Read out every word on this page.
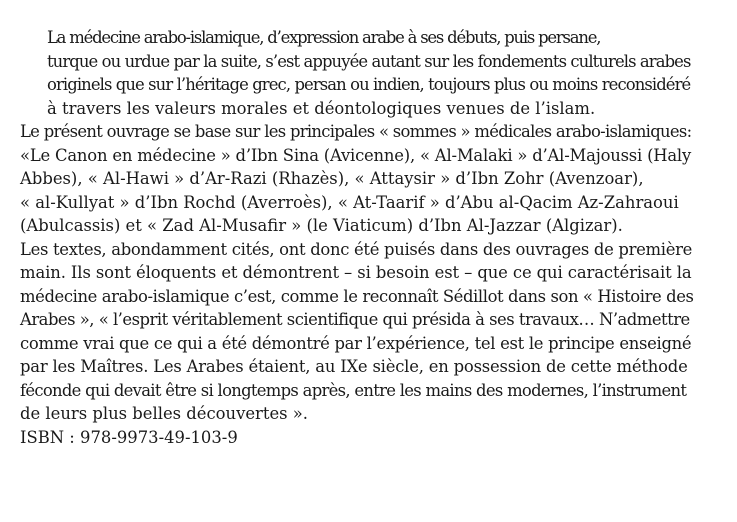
La médecine arabo-islamique, d’expression arabe à ses débuts, puis persane,
turque ou urdue par la suite, s’est appuyée autant sur les fondements culturels arabes
originels que sur l’héritage grec, persan ou indien, toujours plus ou moins reconsidéré
à travers les valeurs morales et déontologiques venues de l’islam.
Le présent ouvrage se base sur les principales « sommes » médicales arabo-islamiques:
«Le Canon en médecine » d’Ibn Sina (Avicenne), « Al-Malaki » d’Al-Majoussi (Haly
Abbes), « Al-Hawi » d’Ar-Razi (Rhazès), « Attaysir » d’Ibn Zohr (Avenzoar),
« al-Kullyat » d’Ibn Rochd (Averroès), « At-Taarif » d’Abu al-Qacim Az-Zahraoui
(Abulcassis) et « Zad Al-Musafir » (le Viaticum) d’Ibn Al-Jazzar (Algizar).
Les textes, abondamment cités, ont donc été puisés dans des ouvrages de première
main. Ils sont éloquents et démontrent – si besoin est – que ce qui caractérisait la
médecine arabo-islamique c’est, comme le reconnaît Sédillot dans son « Histoire des
Arabes », « l’esprit véritablement scientifique qui présida à ses travaux… N’admettre
comme vrai que ce qui a été démontré par l’expérience, tel est le principe enseigné
par les Maîtres. Les Arabes étaient, au IXe siècle, en possession de cette méthode
féconde qui devait être si longtemps après, entre les mains des modernes, l’instrument
de leurs plus belles découvertes ».

ISBN : 978-9973-49-103-9
